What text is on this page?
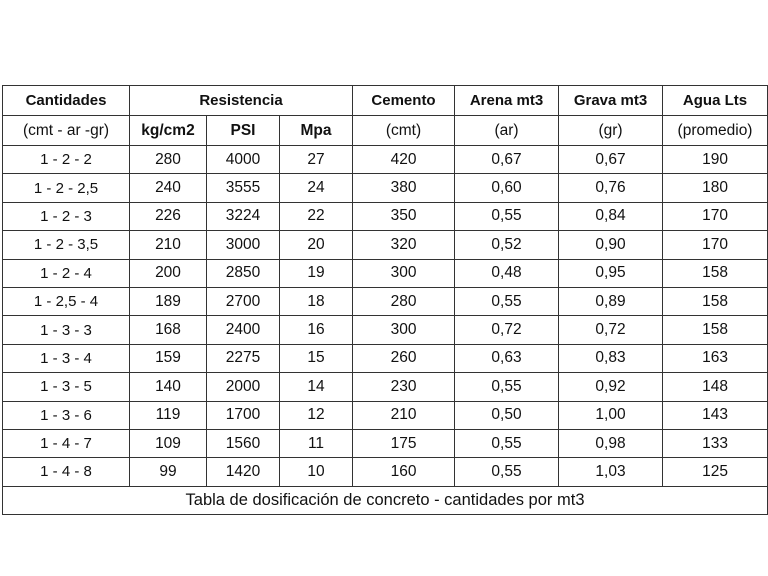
Cantidades	Resistencia			Cemento	Arena mt3	Grava mt3	Agua Lts
(cmt - ar -gr)	kg/cm2	PSI	Mpa	(cmt)	(ar)	(gr)	(promedio)
1 - 2 - 2	280	4000	27	420	0,67	0,67	190
1 - 2 - 2,5	240	3555	24	380	0,60	0,76	180
1 - 2 - 3	226	3224	22	350	0,55	0,84	170
1 - 2 - 3,5	210	3000	20	320	0,52	0,90	170
1 - 2 - 4	200	2850	19	300	0,48	0,95	158
1 - 2,5 - 4	189	2700	18	280	0,55	0,89	158
1 - 3 - 3	168	2400	16	300	0,72	0,72	158
1 - 3 - 4	159	2275	15	260	0,63	0,83	163
1 - 3 - 5	140	2000	14	230	0,55	0,92	148
1 - 3 - 6	119	1700	12	210	0,50	1,00	143
1 - 4 - 7	109	1560	11	175	0,55	0,98	133
1 - 4 - 8	99	1420	10	160	0,55	1,03	125
Tabla de dosificación de concreto - cantidades por mt3							
